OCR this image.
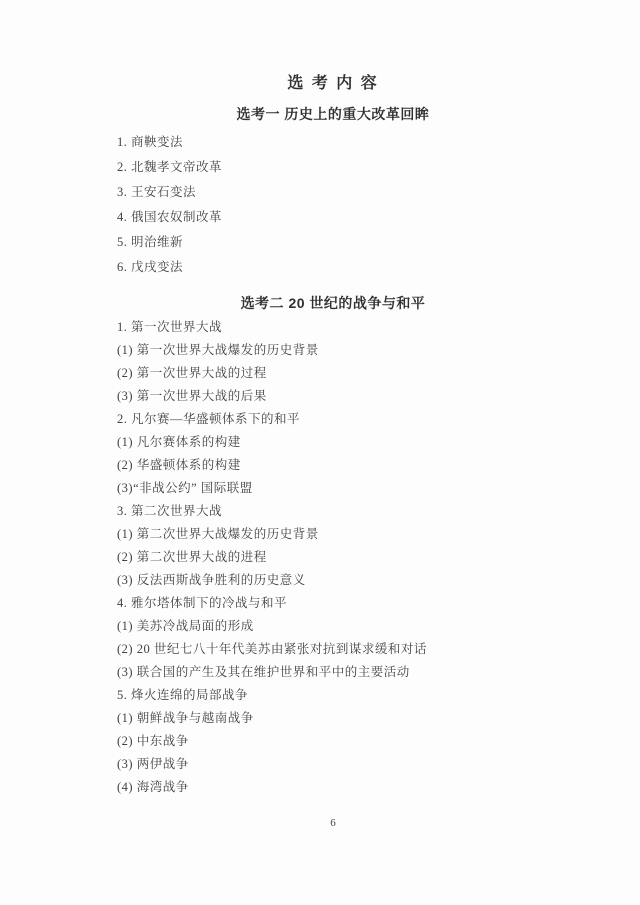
选 考 内 容
选考一 历史上的重大改革回眸

1. 商鞅变法

2. 北魏孝文帝改革

3. 王安石变法

4. 俄国农奴制改革

5. 明治维新

6. 戊戌变法

选考二 20 世纪的战争与和平

1. 第一次世界大战

(1) 第一次世界大战爆发的历史背景

(2) 第一次世界大战的过程

(3) 第一次世界大战的后果

2. 凡尔赛—华盛顿体系下的和平

(1) 凡尔赛体系的构建

(2) 华盛顿体系的构建

(3)“非战公约” 国际联盟

3. 第二次世界大战

(1) 第二次世界大战爆发的历史背景

(2) 第二次世界大战的进程

(3) 反法西斯战争胜利的历史意义

4. 雅尔塔体制下的冷战与和平

(1) 美苏冷战局面的形成

(2) 20 世纪七八十年代美苏由紧张对抗到谋求缓和对话

(3) 联合国的产生及其在维护世界和平中的主要活动

5. 烽火连绵的局部战争

(1) 朝鲜战争与越南战争

(2) 中东战争

(3) 两伊战争

(4) 海湾战争

6
